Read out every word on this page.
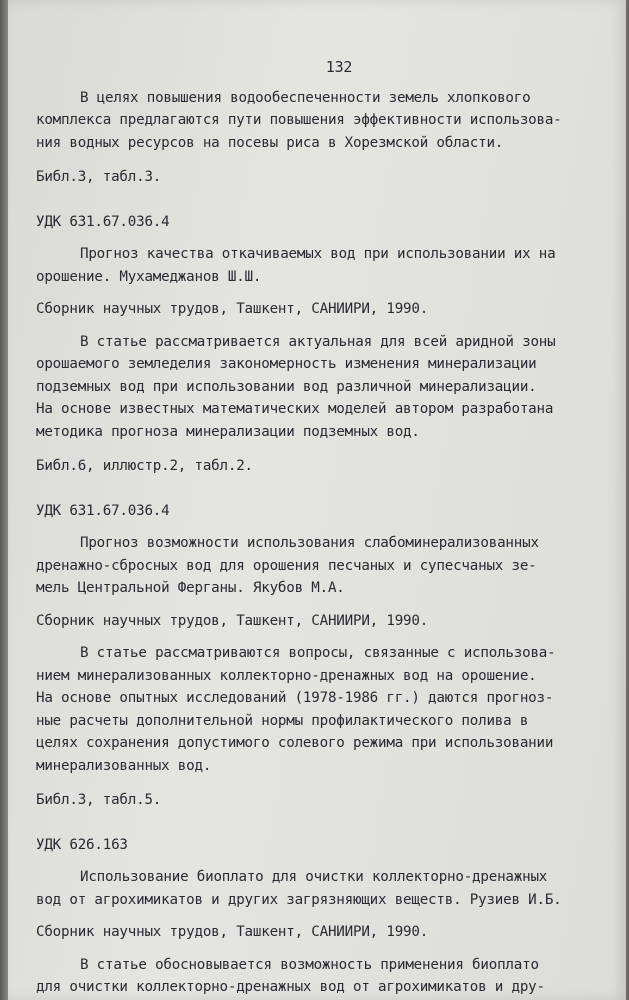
132
В целях повышения водообеспеченности земель хлопкового
комплекса предлагаются пути повышения эффективности использова-
ния водных ресурсов на посевы риса в Хорезмской области.
Библ.3, табл.3.
УДК 631.67.036.4
Прогноз качества откачиваемых вод при использовании их на
орошение. Мухамеджанов Ш.Ш.
Сборник научных трудов, Ташкент, САНИИРИ, 1990.
В статье рассматривается актуальная для всей аридной зоны
орошаемого земледелия закономерность изменения минерализации
подземных вод при использовании вод различной минерализации.
На основе известных математических моделей автором разработана
методика прогноза минерализации подземных вод.
Библ.6, иллюстр.2, табл.2.
УДК 631.67.036.4
Прогноз возможности использования слабоминерализованных
дренажно-сбросных вод для орошения песчаных и супесчаных зе-
мель Центральной Ферганы. Якубов М.А.
Сборник научных трудов, Ташкент, САНИИРИ, 1990.
В статье рассматриваются вопросы, связанные с использова-
нием минерализованных коллекторно-дренажных вод на орошение.
На основе опытных исследований (1978-1986 гг.) даются прогноз-
ные расчеты дополнительной нормы профилактического полива в
целях сохранения допустимого солевого режима при использовании
минерализованных вод.
Библ.3, табл.5.
УДК 626.163
Использование биоплато для очистки коллекторно-дренажных
вод от агрохимикатов и других загрязняющих веществ. Рузиев И.Б.
Сборник научных трудов, Ташкент, САНИИРИ, 1990.
В статье обосновывается возможность применения биоплато
для очистки коллекторно-дренажных вод от агрохимикатов и дру-
